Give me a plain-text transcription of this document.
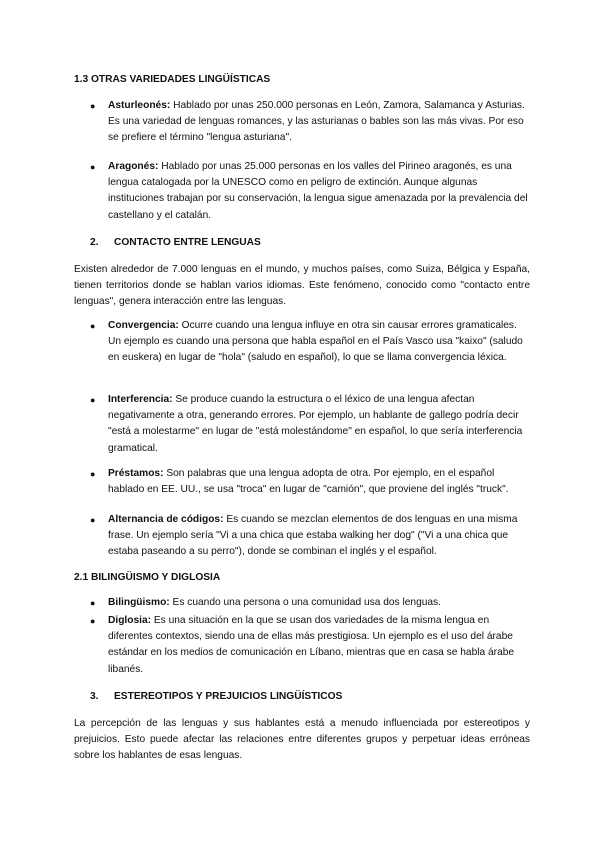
1.3 OTRAS VARIEDADES LINGÜÍSTICAS
● Asturleonés: Hablado por unas 250.000 personas en León, Zamora, Salamanca y Asturias. Es una variedad de lenguas romances, y las asturianas o bables son las más vivas. Por eso se prefiere el término "lengua asturiana".
● Aragonés: Hablado por unas 25.000 personas en los valles del Pirineo aragonés, es una lengua catalogada por la UNESCO como en peligro de extinción. Aunque algunas instituciones trabajan por su conservación, la lengua sigue amenazada por la prevalencia del castellano y el catalán.
2. CONTACTO ENTRE LENGUAS
Existen alrededor de 7.000 lenguas en el mundo, y muchos países, como Suiza, Bélgica y España, tienen territorios donde se hablan varios idiomas. Este fenómeno, conocido como "contacto entre lenguas", genera interacción entre las lenguas.
● Convergencia: Ocurre cuando una lengua influye en otra sin causar errores gramaticales. Un ejemplo es cuando una persona que habla español en el País Vasco usa "kaixo" (saludo en euskera) en lugar de "hola" (saludo en español), lo que se llama convergencia léxica.
● Interferencia: Se produce cuando la estructura o el léxico de una lengua afectan negativamente a otra, generando errores. Por ejemplo, un hablante de gallego podría decir "está a molestarme" en lugar de "está molestándome" en español, lo que sería interferencia gramatical.
● Préstamos: Son palabras que una lengua adopta de otra. Por ejemplo, en el español hablado en EE. UU., se usa "troca" en lugar de "camión", que proviene del inglés "truck".
● Alternancia de códigos: Es cuando se mezclan elementos de dos lenguas en una misma frase. Un ejemplo sería "Vi a una chica que estaba walking her dog" ("Vi a una chica que estaba paseando a su perro"), donde se combinan el inglés y el español.
2.1 BILINGÜISMO Y DIGLOSIA
● Bilingüismo: Es cuando una persona o una comunidad usa dos lenguas.
● Diglosia: Es una situación en la que se usan dos variedades de la misma lengua en diferentes contextos, siendo una de ellas más prestigiosa. Un ejemplo es el uso del árabe estándar en los medios de comunicación en Líbano, mientras que en casa se habla árabe libanés.
3. ESTEREOTIPOS Y PREJUICIOS LINGÜÍSTICOS
La percepción de las lenguas y sus hablantes está a menudo influenciada por estereotipos y prejuicios. Esto puede afectar las relaciones entre diferentes grupos y perpetuar ideas erróneas sobre los hablantes de esas lenguas.
